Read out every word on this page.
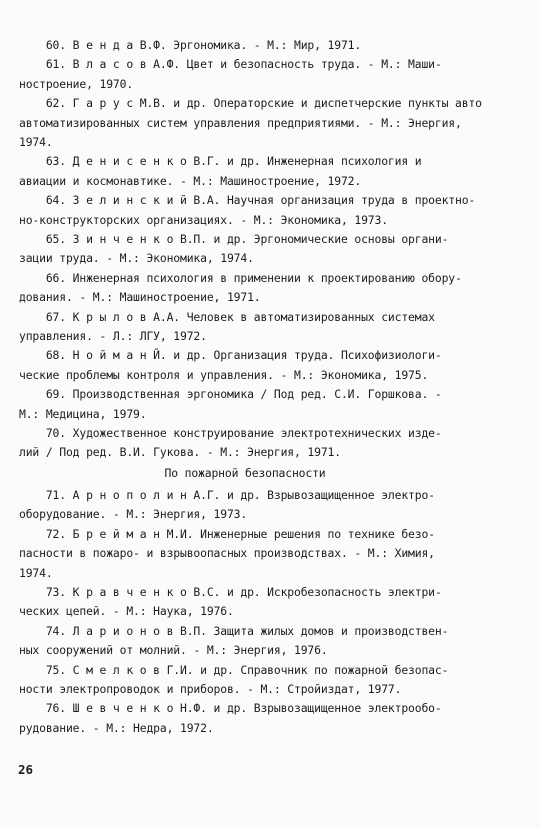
60. В е н д а В.Ф. Эргономика. - М.: Мир, 1971.
61. В л а с о в А.Ф. Цвет и безопасность труда. - М.: Маши-
ностроение, 1970.
62. Г а р у с М.В. и др. Операторские и диспетчерские пункты авто
автоматизированных систем управления предприятиями. - М.: Энергия,
1974.
63. Д е н и с е н к о В.Г. и др. Инженерная психология и
авиации и космонавтике. - М.: Машиностроение, 1972.
64. З е л и н с к и й В.А. Научная организация труда в проектно-
но-конструкторских организациях. - М.: Экономика, 1973.
65. З и н ч е н к о В.П. и др. Эргономические основы органи-
зации труда. - М.: Экономика, 1974.
66. Инженерная психология в применении к проектированию обору-
дования. - М.: Машиностроение, 1971.
67. К р ы л о в А.А. Человек в автоматизированных системах
управления. - Л.: ЛГУ, 1972.
68. Н о й м а н Й. и др. Организация труда. Психофизиологи-
ческие проблемы контроля и управления. - М.: Экономика, 1975.
69. Производственная эргономика / Под ред. С.И. Горшкова. -
М.: Медицина, 1979.
70. Художественное конструирование электротехнических изде-
лий / Под ред. В.И. Гукова. - М.: Энергия, 1971.
По пожарной безопасности
71. А р н о п о л и н А.Г. и др. Взрывозащищенное электро-
оборудование. - М.: Энергия, 1973.
72. Б р е й м а н М.И. Инженерные решения по технике безо-
пасности в пожаро- и взрывоопасных производствах. - М.: Химия,
1974.
73. К р а в ч е н к о В.С. и др. Искробезопасность электри-
ческих цепей. - М.: Наука, 1976.
74. Л а р и о н о в В.П. Защита жилых домов и производствен-
ных сооружений от молний. - М.: Энергия, 1976.
75. С м е л к о в Г.И. и др. Справочник по пожарной безопас-
ности электропроводок и приборов. - М.: Стройиздат, 1977.
76. Ш е в ч е н к о Н.Ф. и др. Взрывозащищенное электрообо-
рудование. - М.: Недра, 1972.
26
